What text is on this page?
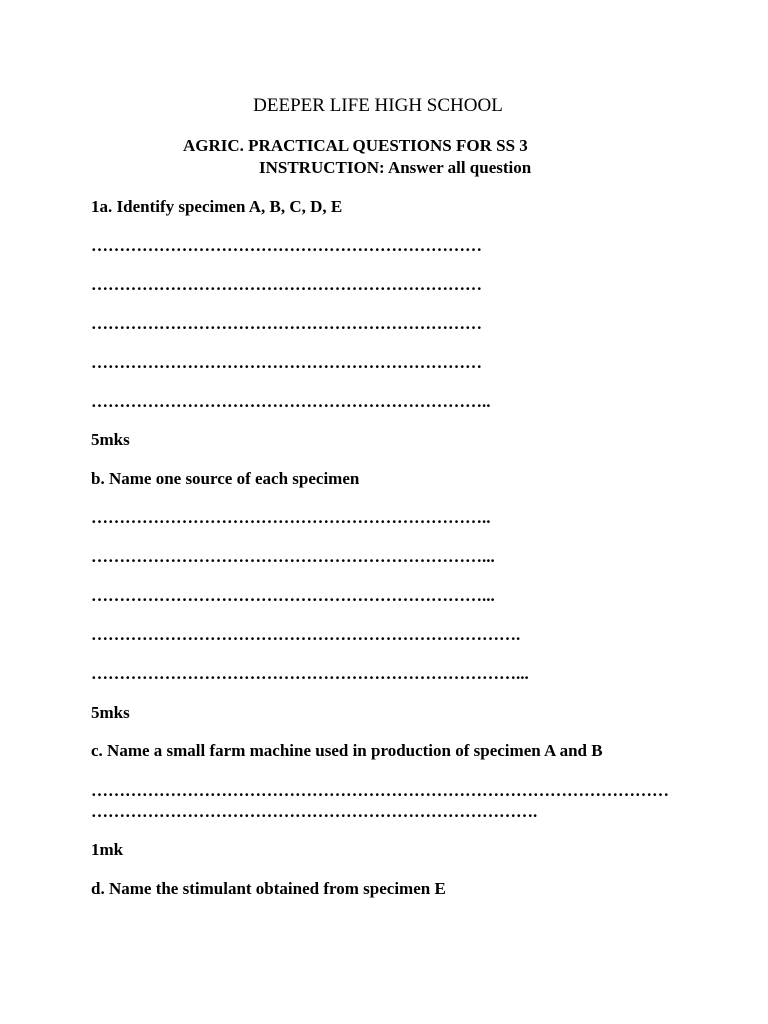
DEEPER LIFE HIGH SCHOOL
AGRIC. PRACTICAL QUESTIONS FOR SS 3
INSTRUCTION: Answer all question
1a. Identify specimen A, B, C, D, E
……………………………………………………………
……………………………………………………………
……………………………………………………………
……………………………………………………………
……………………………………………………………..
5mks
b. Name one source of each specimen
……………………………………………………………..
……………………………………………………………...
……………………………………………………………...
………………………………………………………………….
…………………………………………………………………...
5mks
c. Name a small farm machine used in production of specimen A and B
…………………………………………………………………………………………
…………………………………………………………………….
1mk
d. Name the stimulant obtained from specimen E
